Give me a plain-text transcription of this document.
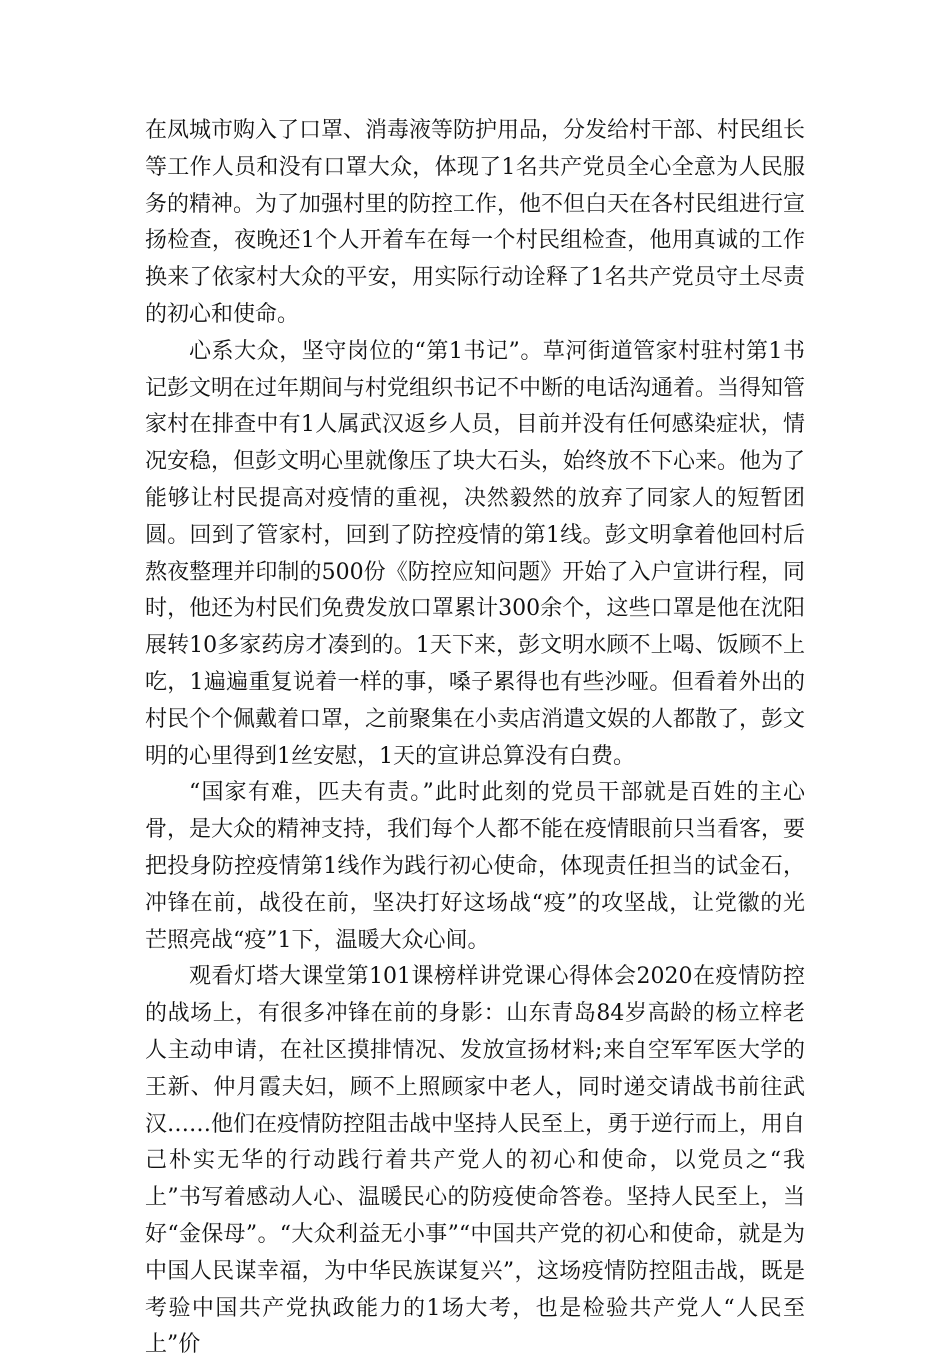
在凤城市购入了口罩、消毒液等防护用品，分发给村干部、村民组长等工作人员和没有口罩大众，体现了1名共产党员全心全意为人民服务的精神。为了加强村里的防控工作，他不但白天在各村民组进行宣扬检查，夜晚还1个人开着车在每一个村民组检查，他用真诚的工作换来了依家村大众的平安，用实际行动诠释了1名共产党员守土尽责的初心和使命。

心系大众，坚守岗位的“第1书记”。草河街道管家村驻村第1书记彭文明在过年期间与村党组织书记不中断的电话沟通着。当得知管家村在排查中有1人属武汉返乡人员，目前并没有任何感染症状，情况安稳，但彭文明心里就像压了块大石头，始终放不下心来。他为了能够让村民提高对疫情的重视，决然毅然的放弃了同家人的短暂团圆。回到了管家村，回到了防控疫情的第1线。彭文明拿着他回村后熬夜整理并印制的500份《防控应知问题》开始了入户宣讲行程，同时，他还为村民们免费发放口罩累计300余个，这些口罩是他在沈阳展转10多家药房才凑到的。1天下来，彭文明水顾不上喝、饭顾不上吃，1遍遍重复说着一样的事，嗓子累得也有些沙哑。但看着外出的村民个个佩戴着口罩，之前聚集在小卖店消遣文娱的人都散了，彭文明的心里得到1丝安慰，1天的宣讲总算没有白费。

“国家有难，匹夫有责。”此时此刻的党员干部就是百姓的主心骨，是大众的精神支持，我们每个人都不能在疫情眼前只当看客，要把投身防控疫情第1线作为践行初心使命，体现责任担当的试金石，冲锋在前，战役在前，坚决打好这场战“疫”的攻坚战，让党徽的光芒照亮战“疫”1下，温暖大众心间。

观看灯塔大课堂第101课榜样讲党课心得体会2020在疫情防控的战场上，有很多冲锋在前的身影：山东青岛84岁高龄的杨立梓老人主动申请，在社区摸排情况、发放宣扬材料;来自空军军医大学的王新、仲月霞夫妇，顾不上照顾家中老人，同时递交请战书前往武汉……他们在疫情防控阻击战中坚持人民至上，勇于逆行而上，用自己朴实无华的行动践行着共产党人的初心和使命，以党员之“我上”书写着感动人心、温暖民心的防疫使命答卷。坚持人民至上，当好“金保母”。“大众利益无小事”“中国共产党的初心和使命，就是为中国人民谋幸福，为中华民族谋复兴”，这场疫情防控阻击战，既是考验中国共产党执政能力的1场大考，也是检验共产党人“人民至上”价
